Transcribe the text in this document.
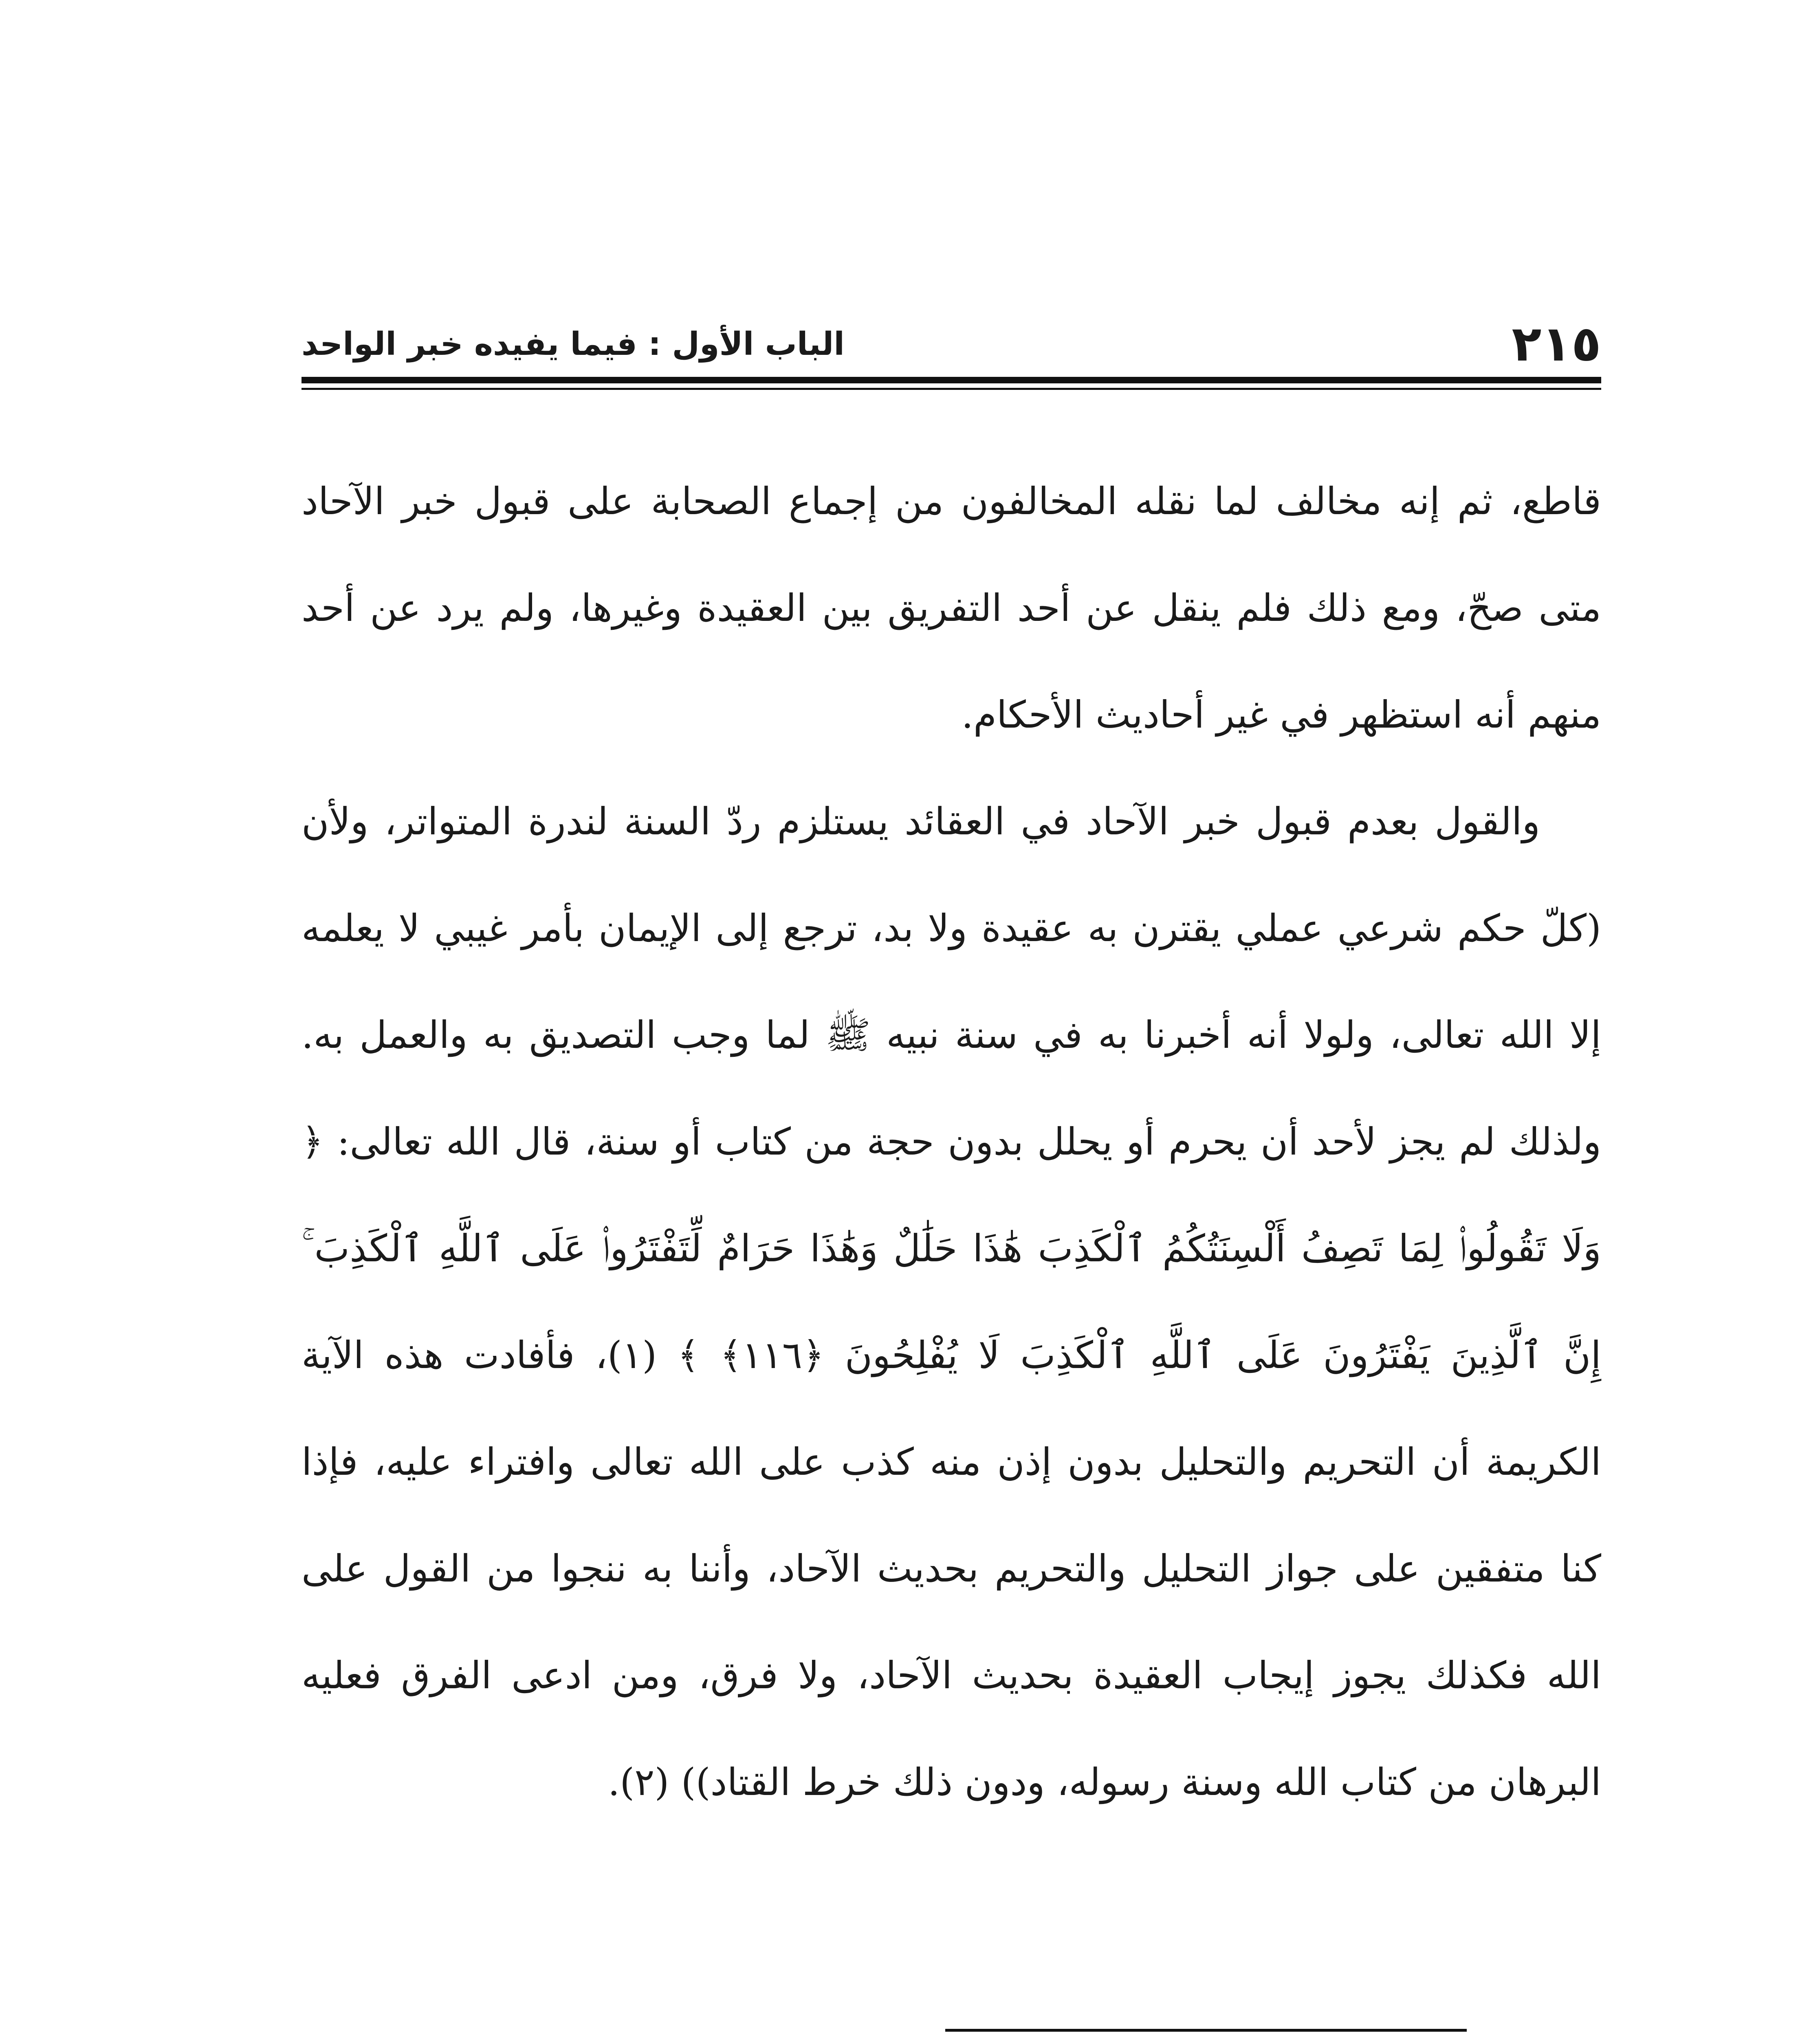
٢١٥
الباب الأول : فيما يفيده خبر الواحد

قاطع، ثم إنه مخالف لما نقله المخالفون من إجماع الصحابة على قبول خبر الآحاد متى صحّ، ومع ذلك فلم ينقل عن أحد التفريق بين العقيدة وغيرها، ولم يرد عن أحد منهم أنه استظهر في غير أحاديث الأحكام.

والقول بعدم قبول خبر الآحاد في العقائد يستلزم ردّ السنة لندرة المتواتر، ولأن (كلّ حكم شرعي عملي يقترن به عقيدة ولا بد، ترجع إلى الإيمان بأمر غيبي لا يعلمه إلا الله تعالى، ولولا أنه أخبرنا به في سنة نبيه ﷺ لما وجب التصديق به والعمل به. ولذلك لم يجز لأحد أن يحرم أو يحلل بدون حجة من كتاب أو سنة، قال الله تعالى: ﴿ وَلَا تَقُولُوا۟ لِمَا تَصِفُ أَلْسِنَتُكُمُ ٱلْكَذِبَ هَٰذَا حَلَٰلٌ وَهَٰذَا حَرَامٌ لِّتَفْتَرُوا۟ عَلَى ٱللَّهِ ٱلْكَذِبَ ۚ إِنَّ ٱلَّذِينَ يَفْتَرُونَ عَلَى ٱللَّهِ ٱلْكَذِبَ لَا يُفْلِحُونَ ﴿١١٦﴾ ﴾ (١)، فأفادت هذه الآية الكريمة أن التحريم والتحليل بدون إذن منه كذب على الله تعالى وافتراء عليه، فإذا كنا متفقين على جواز التحليل والتحريم بحديث الآحاد، وأننا به ننجوا من القول على الله فكذلك يجوز إيجاب العقيدة بحديث الآحاد، ولا فرق، ومن ادعى الفرق فعليه البرهان من كتاب الله وسنة رسوله، ودون ذلك خرط القتاد)) (٢).
